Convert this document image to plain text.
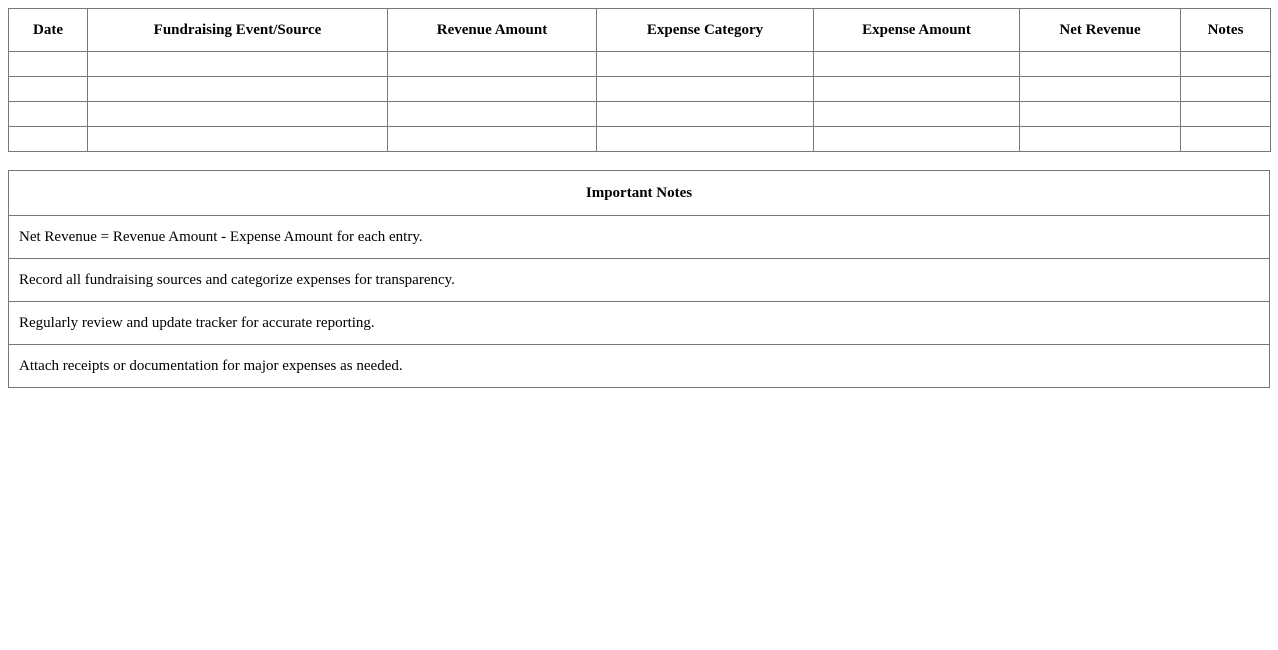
Date	Fundraising Event/Source	Revenue Amount	Expense Category	Expense Amount	Net Revenue	Notes

Important Notes
Net Revenue = Revenue Amount - Expense Amount for each entry.
Record all fundraising sources and categorize expenses for transparency.
Regularly review and update tracker for accurate reporting.
Attach receipts or documentation for major expenses as needed.
